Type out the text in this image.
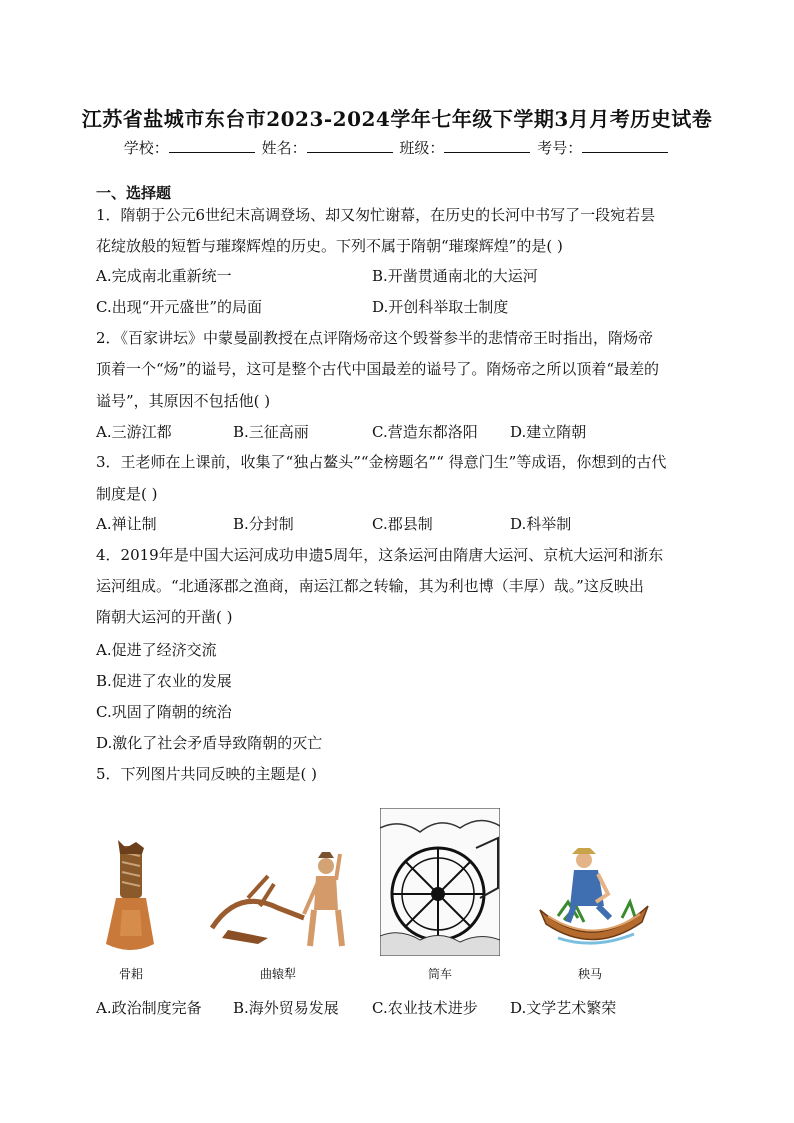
江苏省盐城市东台市2023-2024学年七年级下学期3月月考历史试卷
学校：	姓名：	班级：	考号：
一、选择题
1．隋朝于公元6世纪末高调登场、却又匆忙谢幕，在历史的长河中书写了一段宛若昙
花绽放般的短暂与璀璨辉煌的历史。下列不属于隋朝“璀璨辉煌”的是( )
A.完成南北重新统一	B.开凿贯通南北的大运河
C.出现“开元盛世”的局面	D.开创科举取士制度
2．《百家讲坛》中蒙曼副教授在点评隋炀帝这个毁誉参半的悲情帝王时指出，隋炀帝
顶着一个“炀”的谥号，这可是整个古代中国最差的谥号了。隋炀帝之所以顶着“最差的
谥号”，其原因不包括他( )
A.三游江都	B.三征高丽	C.营造东都洛阳 D.建立隋朝
3．王老师在上课前，收集了“独占鳌头”“金榜题名”“ 得意门生”等成语，你想到的古代
制度是( )
A.禅让制	B.分封制	C.郡县制	D.科举制
4．2019年是中国大运河成功申遗5周年，这条运河由隋唐大运河、京杭大运河和浙东
运河组成。“北通涿郡之渔商，南运江都之转输，其为利也博（丰厚）哉。”这反映出
隋朝大运河的开凿( )
A.促进了经济交流
B.促进了农业的发展
C.巩固了隋朝的统治
D.激化了社会矛盾导致隋朝的灭亡
5．下列图片共同反映的主题是( )
骨耜	曲辕犁	筒车	秧马
A.政治制度完备 B.海外贸易发展 C.农业技术进步 D.文学艺术繁荣
